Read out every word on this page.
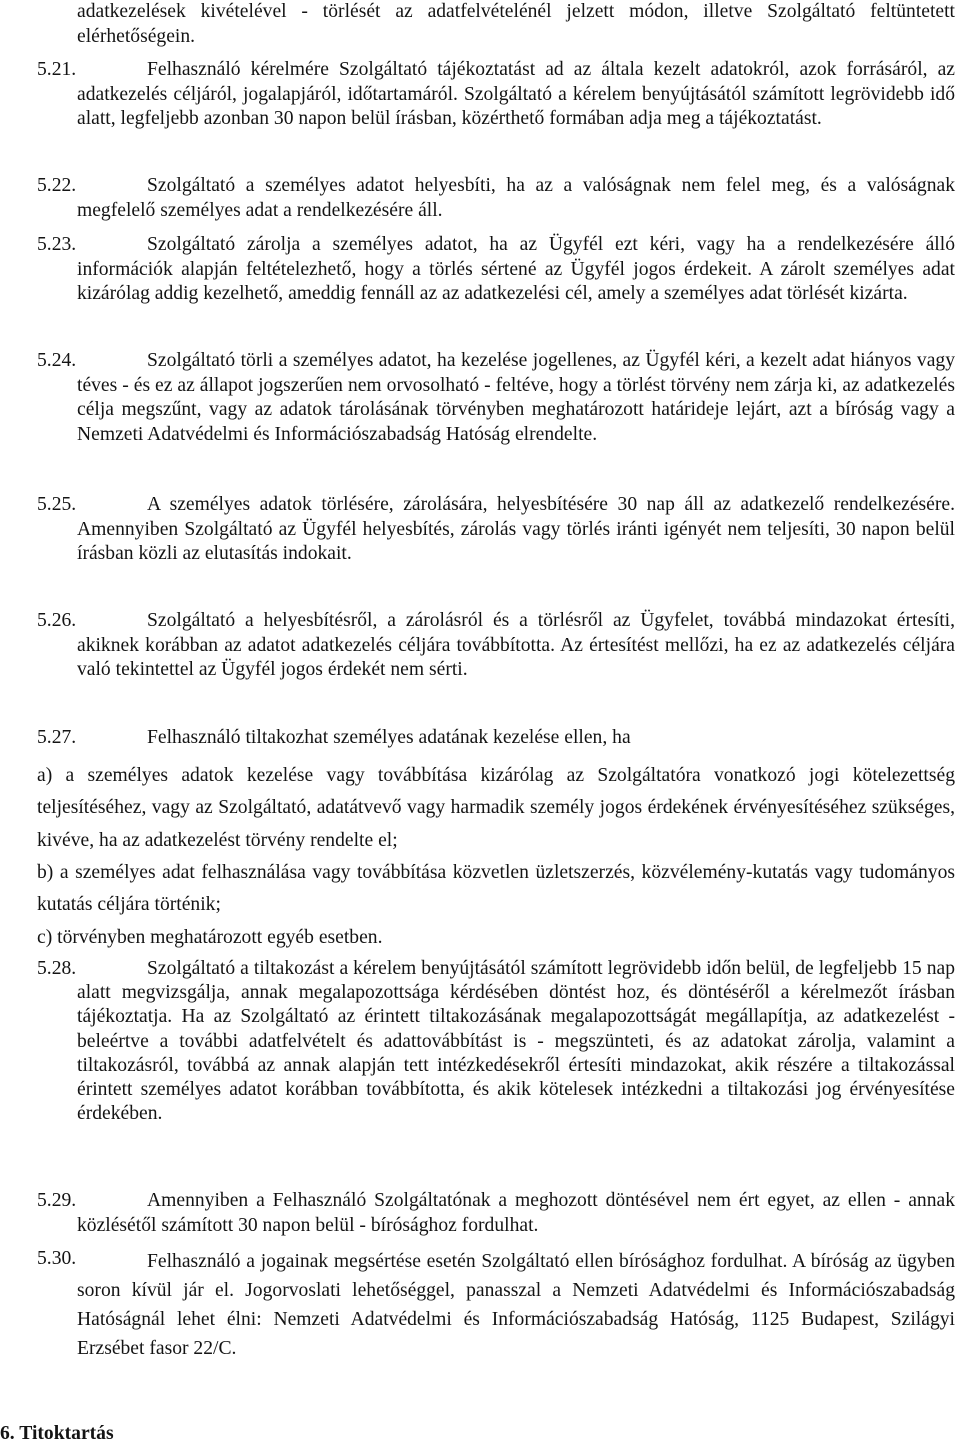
adatkezelések kivételével - törlését az adatfelvételénél jelzett módon, illetve Szolgáltató feltüntetett elérhetőségein.
5.21.	Felhasználó kérelmére Szolgáltató tájékoztatást ad az általa kezelt adatokról, azok forrásáról, az adatkezelés céljáról, jogalapjáról, időtartamáról. Szolgáltató a kérelem benyújtásától számított legrövidebb idő alatt, legfeljebb azonban 30 napon belül írásban, közérthető formában adja meg a tájékoztatást.
5.22.	Szolgáltató a személyes adatot helyesbíti, ha az a valóságnak nem felel meg, és a valóságnak megfelelő személyes adat a rendelkezésére áll.
5.23.	Szolgáltató zárolja a személyes adatot, ha az Ügyfél ezt kéri, vagy ha a rendelkezésére álló információk alapján feltételezhető, hogy a törlés sértené az Ügyfél jogos érdekeit. A zárolt személyes adat kizárólag addig kezelhető, ameddig fennáll az az adatkezelési cél, amely a személyes adat törlését kizárta.
5.24.	Szolgáltató törli a személyes adatot, ha kezelése jogellenes, az Ügyfél kéri, a kezelt adat hiányos vagy téves - és ez az állapot jogszerűen nem orvosolható - feltéve, hogy a törlést törvény nem zárja ki, az adatkezelés célja megszűnt, vagy az adatok tárolásának törvényben meghatározott határideje lejárt, azt a bíróság vagy a Nemzeti Adatvédelmi és Információszabadság Hatóság elrendelte.
5.25.	A személyes adatok törlésére, zárolására, helyesbítésére 30 nap áll az adatkezelő rendelkezésére. Amennyiben Szolgáltató az Ügyfél helyesbítés, zárolás vagy törlés iránti igényét nem teljesíti, 30 napon belül írásban közli az elutasítás indokait.
5.26.	Szolgáltató a helyesbítésről, a zárolásról és a törlésről az Ügyfelet, továbbá mindazokat értesíti, akiknek korábban az adatot adatkezelés céljára továbbította. Az értesítést mellőzi, ha ez az adatkezelés céljára való tekintettel az Ügyfél jogos érdekét nem sérti.
5.27.	Felhasználó tiltakozhat személyes adatának kezelése ellen, ha
a) a személyes adatok kezelése vagy továbbítása kizárólag az Szolgáltatóra vonatkozó jogi kötelezettség teljesítéséhez, vagy az Szolgáltató, adatátvevő vagy harmadik személy jogos érdekének érvényesítéséhez szükséges, kivéve, ha az adatkezelést törvény rendelte el;
b) a személyes adat felhasználása vagy továbbítása közvetlen üzletszerzés, közvélemény-kutatás vagy tudományos kutatás céljára történik;
c) törvényben meghatározott egyéb esetben.
5.28.	Szolgáltató a tiltakozást a kérelem benyújtásától számított legrövidebb időn belül, de legfeljebb 15 nap alatt megvizsgálja, annak megalapozottsága kérdésében döntést hoz, és döntéséről a kérelmezőt írásban tájékoztatja. Ha az Szolgáltató az érintett tiltakozásának megalapozottságát megállapítja, az adatkezelést - beleértve a további adatfelvételt és adattovábbítást is - megszünteti, és az adatokat zárolja, valamint a tiltakozásról, továbbá az annak alapján tett intézkedésekről értesíti mindazokat, akik részére a tiltakozással érintett személyes adatot korábban továbbította, és akik kötelesek intézkedni a tiltakozási jog érvényesítése érdekében.
5.29.	Amennyiben a Felhasználó Szolgáltatónak a meghozott döntésével nem ért egyet, az ellen - annak közlésétől számított 30 napon belül - bírósághoz fordulhat.
5.30.	Felhasználó a jogainak megsértése esetén Szolgáltató ellen bírósághoz fordulhat. A bíróság az ügyben soron kívül jár el. Jogorvoslati lehetőséggel, panasszal a Nemzeti Adatvédelmi és Információszabadság Hatóságnál lehet élni: Nemzeti Adatvédelmi és Információszabadság Hatóság, 1125 Budapest, Szilágyi Erzsébet fasor 22/C.
6. Titoktartás
